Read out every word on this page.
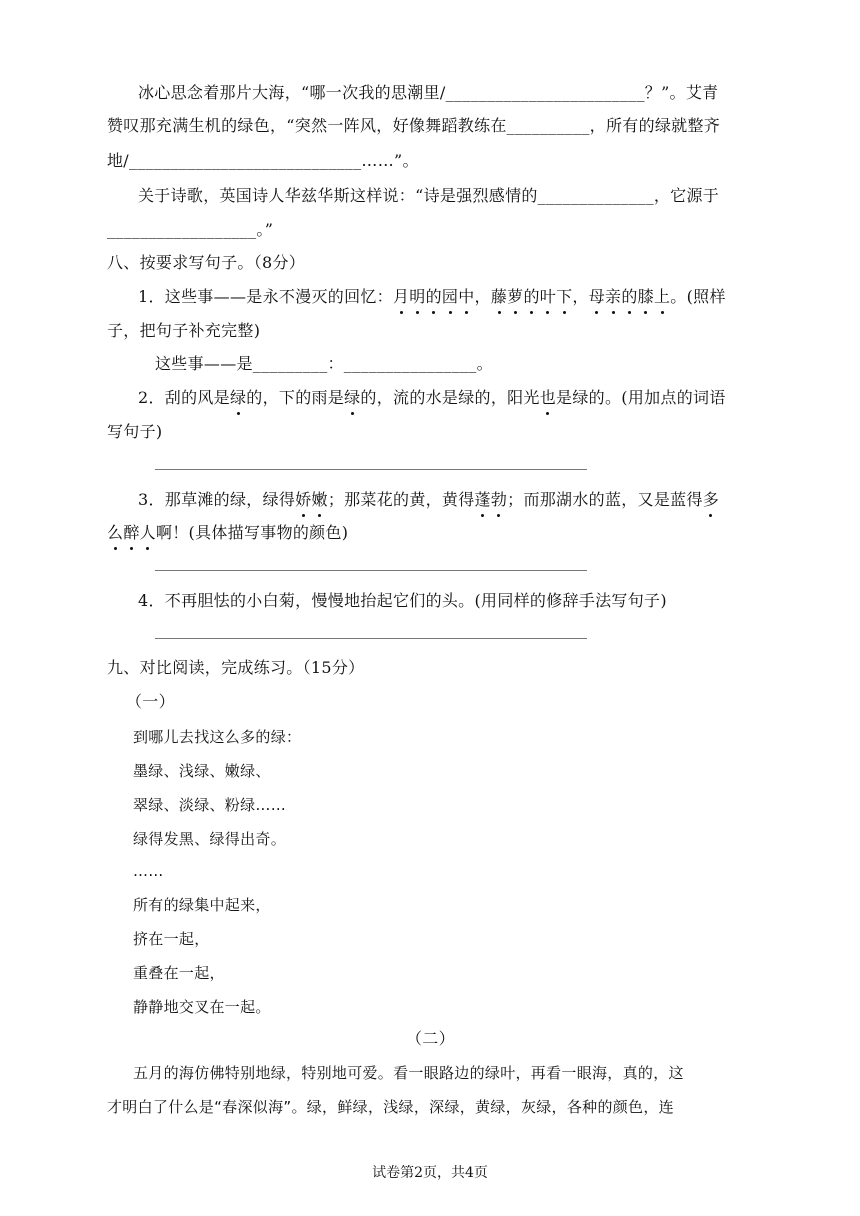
冰心思念着那片大海，“哪一次我的思潮里/________________________？”。艾青
赞叹那充满生机的绿色，“突然一阵风，好像舞蹈教练在__________，所有的绿就整齐
地/____________________________……”。
关于诗歌，英国诗人华兹华斯这样说：“诗是强烈感情的______________，它源于
__________________。”
八、按要求写句子。（8分）
1．这些事——是永不漫灭的回忆：月明的园中，藤萝的叶下，母亲的膝上。(照样
子，把句子补充完整)
这些事——是_________：________________。
2．刮的风是绿的，下的雨是绿的，流的水是绿的，阳光也是绿的。(用加点的词语
写句子)
3．那草滩的绿，绿得娇嫩；那菜花的黄，黄得蓬勃；而那湖水的蓝，又是蓝得多
么醉人啊！(具体描写事物的颜色)
4．不再胆怯的小白菊，慢慢地抬起它们的头。(用同样的修辞手法写句子)
九、对比阅读，完成练习。（15分）
（一）
到哪儿去找这么多的绿：
墨绿、浅绿、嫩绿、
翠绿、淡绿、粉绿……
绿得发黑、绿得出奇。
……
所有的绿集中起来，
挤在一起，
重叠在一起，
静静地交叉在一起。
（二）
五月的海仿佛特别地绿，特别地可爱。看一眼路边的绿叶，再看一眼海，真的，这
才明白了什么是“春深似海”。绿，鲜绿，浅绿，深绿，黄绿，灰绿，各种的颜色，连
试卷第2页，共4页
